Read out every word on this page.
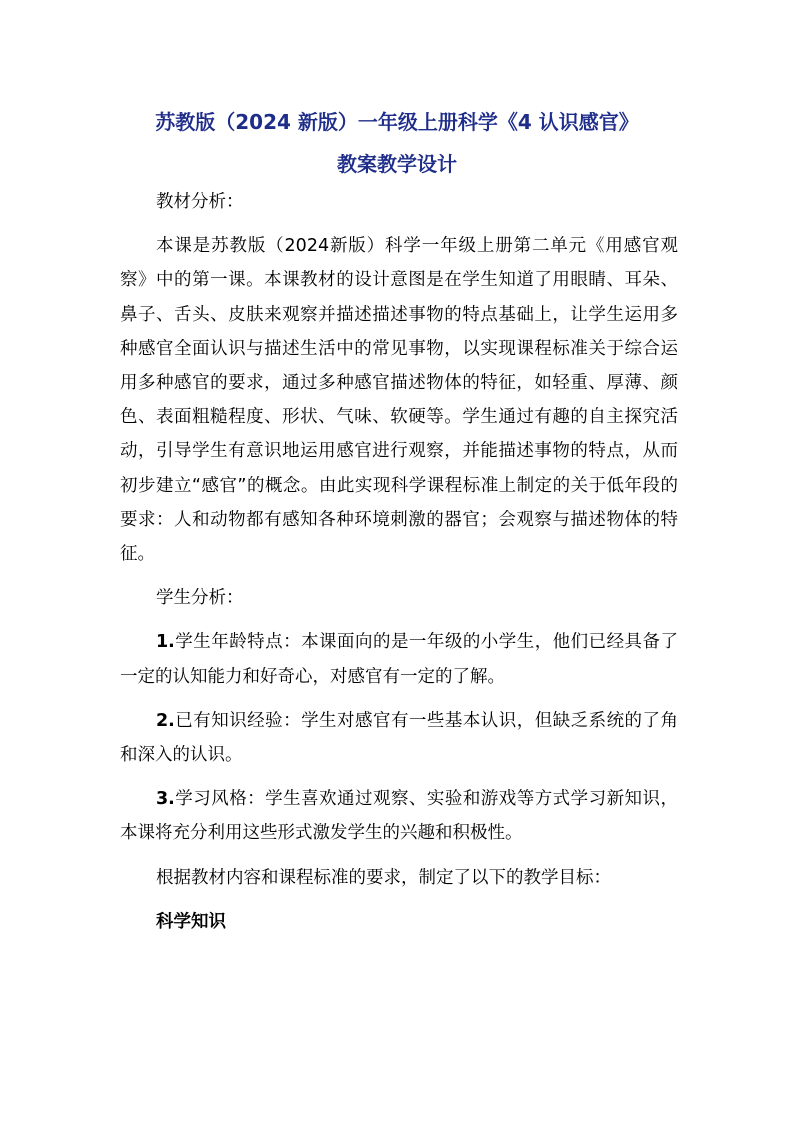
苏教版（2024 新版）一年级上册科学《4 认识感官》
教案教学设计

教材分析：

本课是苏教版（2024新版）科学一年级上册第二单元《用感官观察》中的第一课。本课教材的设计意图是在学生知道了用眼睛、耳朵、鼻子、舌头、皮肤来观察并描述描述事物的特点基础上，让学生运用多种感官全面认识与描述生活中的常见事物，以实现课程标准关于综合运用多种感官的要求，通过多种感官描述物体的特征，如轻重、厚薄、颜色、表面粗糙程度、形状、气味、软硬等。学生通过有趣的自主探究活动，引导学生有意识地运用感官进行观察，并能描述事物的特点，从而初步建立“感官”的概念。由此实现科学课程标准上制定的关于低年段的要求：人和动物都有感知各种环境刺激的器官；会观察与描述物体的特征。

学生分析：

1.学生年龄特点：本课面向的是一年级的小学生，他们已经具备了一定的认知能力和好奇心，对感官有一定的了解。

2.已有知识经验：学生对感官有一些基本认识，但缺乏系统的了角和深入的认识。

3.学习风格：学生喜欢通过观察、实验和游戏等方式学习新知识，本课将充分利用这些形式激发学生的兴趣和积极性。

根据教材内容和课程标准的要求，制定了以下的教学目标：

科学知识
